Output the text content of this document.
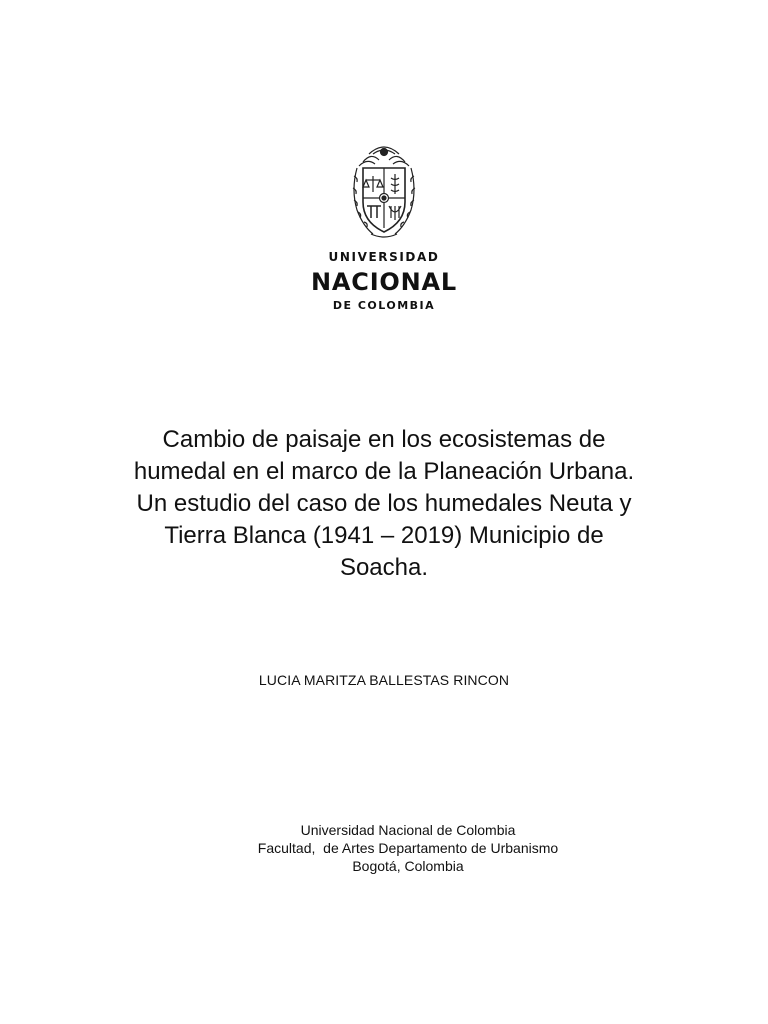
UNIVERSIDAD
NACIONAL
DE COLOMBIA
Cambio de paisaje en los ecosistemas de
humedal en el marco de la Planeación Urbana.
Un estudio del caso de los humedales Neuta y
Tierra Blanca (1941 – 2019) Municipio de
Soacha.
LUCIA MARITZA BALLESTAS RINCON
Universidad Nacional de Colombia
Facultad,  de Artes Departamento de Urbanismo
Bogotá, Colombia
